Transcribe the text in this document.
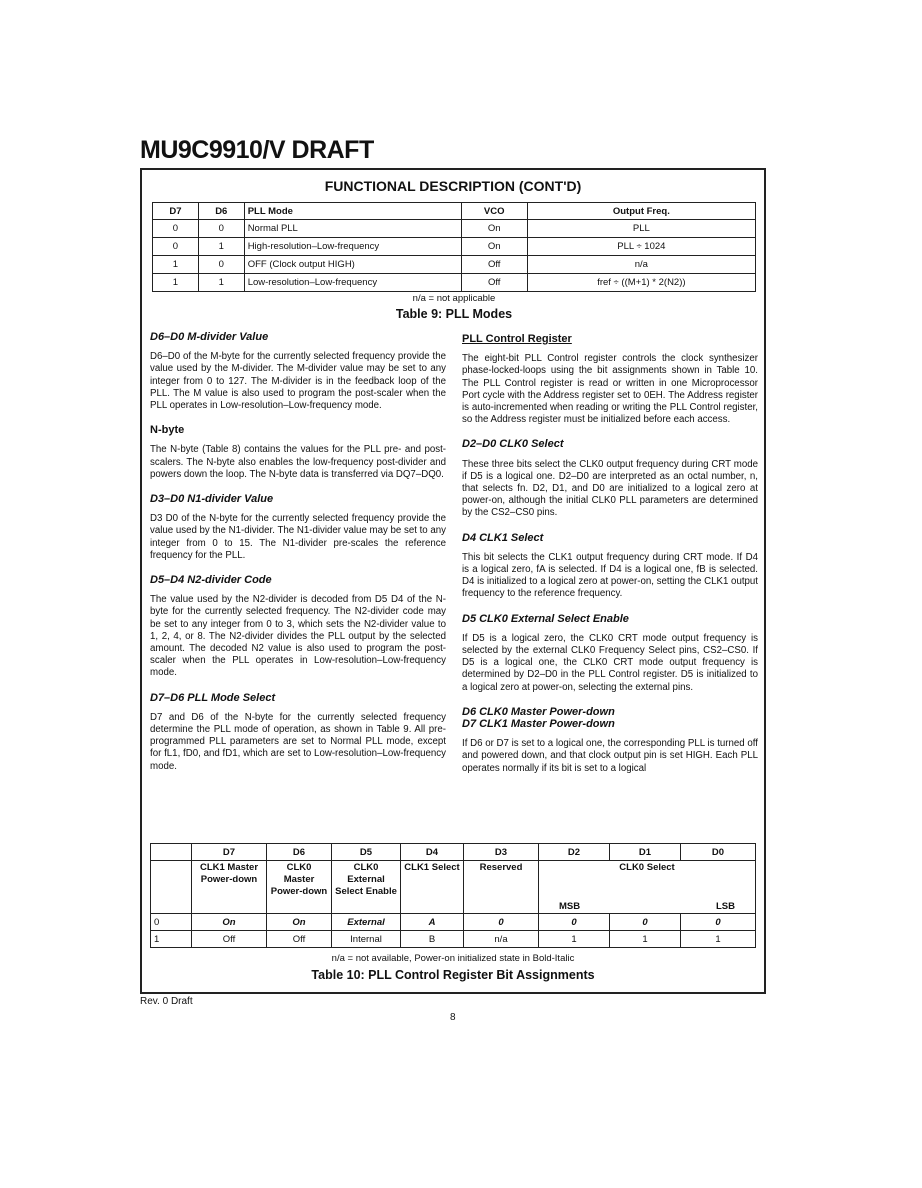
MU9C9910/V DRAFT
FUNCTIONAL DESCRIPTION (CONT'D)
D7	D6	PLL Mode	VCO	Output Freq.
0	0	Normal PLL	On	PLL
0	1	High-resolution–Low-frequency	On	PLL ÷ 1024
1	0	OFF (Clock output HIGH)	Off	n/a
1	1	Low-resolution–Low-frequency	Off	fref ÷ ((M+1) * 2(N2))
n/a = not applicable
Table 9: PLL Modes
D6–D0 M-divider Value

D6–D0 of the M-byte for the currently selected frequency provide the value used by the M-divider. The M-divider value may be set to any integer from 0 to 127. The M-divider is in the feedback loop of the PLL. The M value is also used to program the post-scaler when the PLL operates in Low-resolution–Low-frequency mode.

N-byte

The N-byte (Table 8) contains the values for the PLL pre- and post-scalers. The N-byte also enables the low-frequency post-divider and powers down the loop. The N-byte data is transferred via DQ7–DQ0.

D3–D0 N1-divider Value

D3 D0 of the N-byte for the currently selected frequency provide the value used by the N1-divider. The N1-divider value may be set to any integer from 0 to 15. The N1-divider pre-scales the reference frequency for the PLL.

D5–D4 N2-divider Code

The value used by the N2-divider is decoded from D5 D4 of the N-byte for the currently selected frequency. The N2-divider code may be set to any integer from 0 to 3, which sets the N2-divider value to 1, 2, 4, or 8. The N2-divider divides the PLL output by the selected amount. The decoded N2 value is also used to program the post-scaler when the PLL operates in Low-resolution–Low-frequency mode.

D7–D6 PLL Mode Select

D7 and D6 of the N-byte for the currently selected frequency determine the PLL mode of operation, as shown in Table 9. All pre-programmed PLL parameters are set to Normal PLL mode, except for fL1, fD0, and fD1, which are set to Low-resolution–Low-frequency mode.

PLL Control Register

The eight-bit PLL Control register controls the clock synthesizer phase-locked-loops using the bit assignments shown in Table 10. The PLL Control register is read or written in one Microprocessor Port cycle with the Address register set to 0EH. The Address register is auto-incremented when reading or writing the PLL Control register, so the Address register must be initialized before each access.

D2–D0 CLK0 Select

These three bits select the CLK0 output frequency during CRT mode if D5 is a logical one. D2–D0 are interpreted as an octal number, n, that selects fn. D2, D1, and D0 are initialized to a logical zero at power-on, although the initial CLK0 PLL parameters are determined by the CS2–CS0 pins.

D4 CLK1 Select

This bit selects the CLK1 output frequency during CRT mode. If D4 is a logical zero, fA is selected. If D4 is a logical one, fB is selected. D4 is initialized to a logical zero at power-on, setting the CLK1 output frequency to the reference frequency.

D5 CLK0 External Select Enable

If D5 is a logical zero, the CLK0 CRT mode output frequency is selected by the external CLK0 Frequency Select pins, CS2–CS0. If D5 is a logical one, the CLK0 CRT mode output frequency is determined by D2–D0 in the PLL Control register. D5 is initialized to a logical zero at power-on, selecting the external pins.

D6 CLK0 Master Power-down
D7 CLK1 Master Power-down

If D6 or D7 is set to a logical one, the corresponding PLL is turned off and powered down, and that clock output pin is set HIGH. Each PLL operates normally if its bit is set to a logical

	D7	D6	D5	D4	D3	D2	D1	D0
	CLK1 Master Power-down	CLK0 Master Power-down	CLK0 External Select Enable	CLK1 Select	Reserved	CLK0 Select
MSB LSB		

0	On	On	External	A	0	0	0	0
1	Off	Off	Internal	B	n/a	1	1	1
n/a = not available, Power-on initialized state in Bold-Italic
Table 10: PLL Control Register Bit Assignments
Rev. 0 Draft
8
